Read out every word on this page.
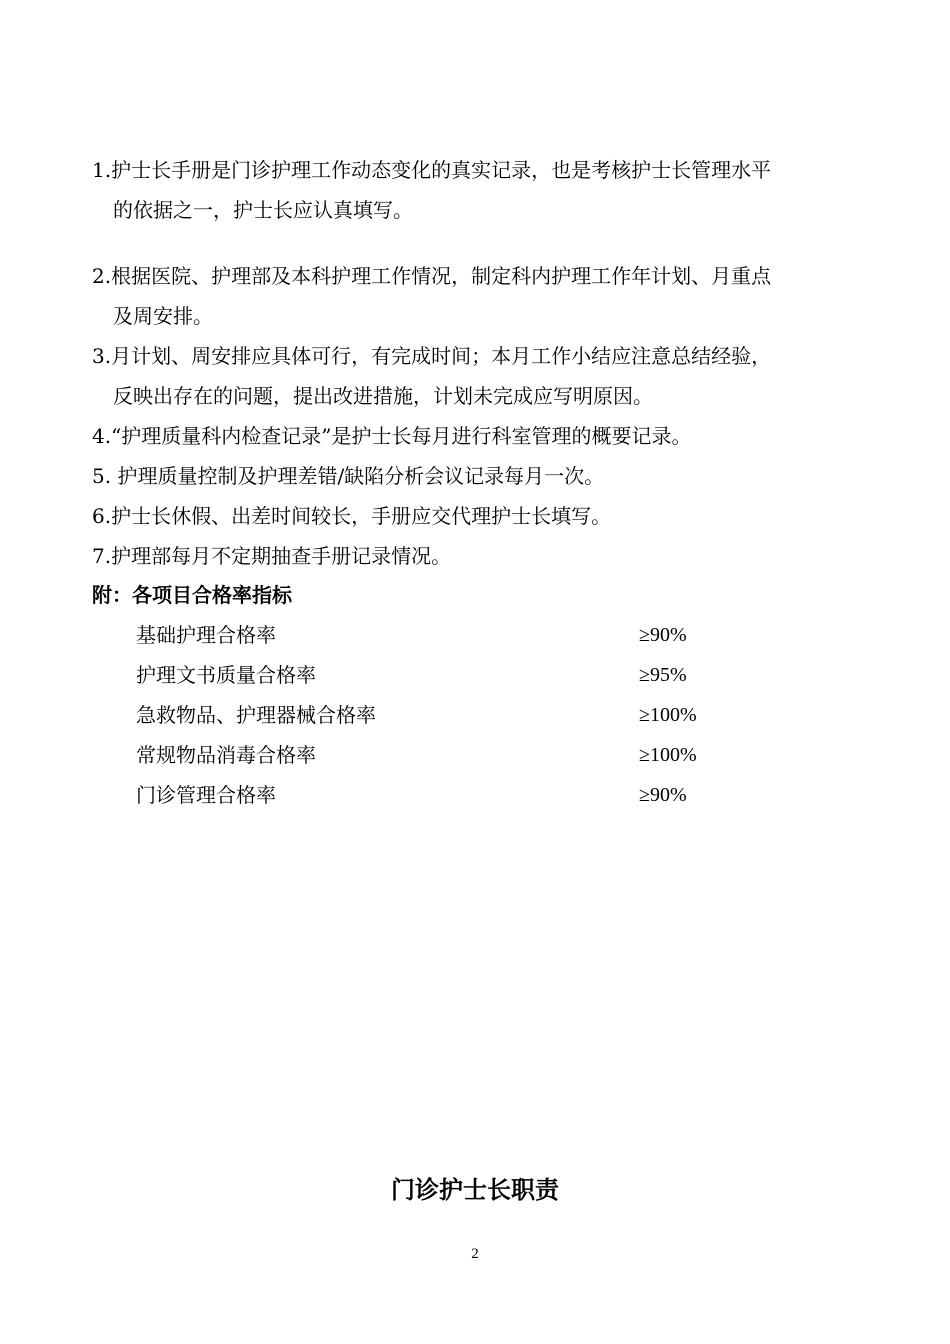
1.护士长手册是门诊护理工作动态变化的真实记录，也是考核护士长管理水平
的依据之一，护士长应认真填写。
2.根据医院、护理部及本科护理工作情况，制定科内护理工作年计划、月重点
及周安排。
3.月计划、周安排应具体可行，有完成时间；本月工作小结应注意总结经验，
反映出存在的问题，提出改进措施，计划未完成应写明原因。
4.“护理质量科内检查记录”是护士长每月进行科室管理的概要记录。
5. 护理质量控制及护理差错/缺陷分析会议记录每月一次。
6.护士长休假、出差时间较长，手册应交代理护士长填写。
7.护理部每月不定期抽查手册记录情况。
附：各项目合格率指标
基础护理合格率	≥90%
护理文书质量合格率	≥95%
急救物品、护理器械合格率	≥100%
常规物品消毒合格率	≥100%
门诊管理合格率	≥90%
门诊护士长职责
2
